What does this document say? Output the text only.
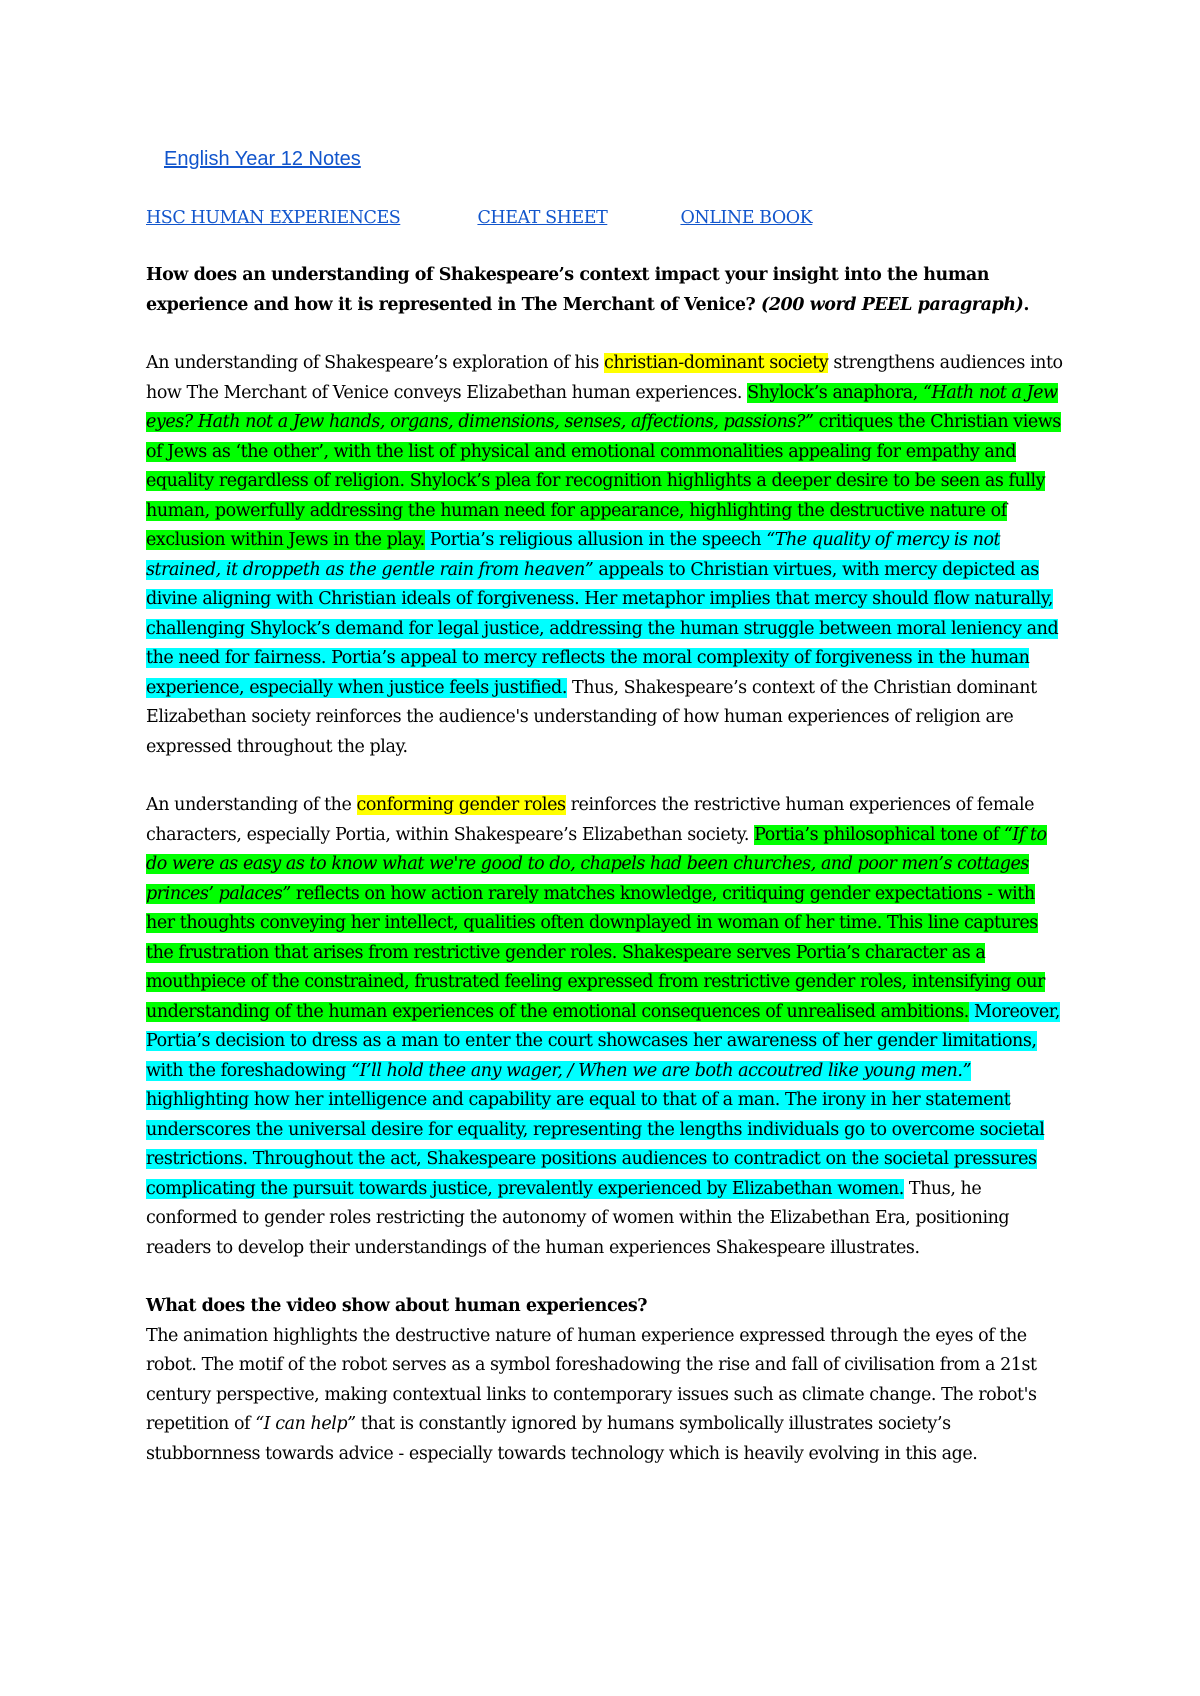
English Year 12 Notes
HSC HUMAN EXPERIENCES	CHEAT SHEET	ONLINE BOOK

How does an understanding of Shakespeare’s context impact your insight into the human experience and how it is represented in The Merchant of Venice? (200 word PEEL paragraph).

An understanding of Shakespeare’s exploration of his christian-dominant society strengthens audiences into how The Merchant of Venice conveys Elizabethan human experiences. Shylock’s anaphora, “Hath not a Jew eyes? Hath not a Jew hands, organs, dimensions, senses, affections, passions?” critiques the Christian views of Jews as ‘the other’, with the list of physical and emotional commonalities appealing for empathy and equality regardless of religion. Shylock’s plea for recognition highlights a deeper desire to be seen as fully human, powerfully addressing the human need for appearance, highlighting the destructive nature of exclusion within Jews in the play. Portia’s religious allusion in the speech “The quality of mercy is not strained, it droppeth as the gentle rain from heaven” appeals to Christian virtues, with mercy depicted as divine aligning with Christian ideals of forgiveness. Her metaphor implies that mercy should flow naturally, challenging Shylock’s demand for legal justice, addressing the human struggle between moral leniency and the need for fairness. Portia’s appeal to mercy reflects the moral complexity of forgiveness in the human experience, especially when justice feels justified. Thus, Shakespeare’s context of the Christian dominant Elizabethan society reinforces the audience's understanding of how human experiences of religion are expressed throughout the play.

An understanding of the conforming gender roles reinforces the restrictive human experiences of female characters, especially Portia, within Shakespeare’s Elizabethan society. Portia’s philosophical tone of “If to do were as easy as to know what we're good to do, chapels had been churches, and poor men’s cottages princes’ palaces” reflects on how action rarely matches knowledge, critiquing gender expectations - with her thoughts conveying her intellect, qualities often downplayed in woman of her time. This line captures the frustration that arises from restrictive gender roles. Shakespeare serves Portia’s character as a mouthpiece of the constrained, frustrated feeling expressed from restrictive gender roles, intensifying our understanding of the human experiences of the emotional consequences of unrealised ambitions. Moreover, Portia’s decision to dress as a man to enter the court showcases her awareness of her gender limitations, with the foreshadowing “I’ll hold thee any wager, / When we are both accoutred like young men.” highlighting how her intelligence and capability are equal to that of a man. The irony in her statement underscores the universal desire for equality, representing the lengths individuals go to overcome societal restrictions. Throughout the act, Shakespeare positions audiences to contradict on the societal pressures complicating the pursuit towards justice, prevalently experienced by Elizabethan women. Thus, he conformed to gender roles restricting the autonomy of women within the Elizabethan Era, positioning readers to develop their understandings of the human experiences Shakespeare illustrates.

What does the video show about human experiences?

The animation highlights the destructive nature of human experience expressed through the eyes of the robot. The motif of the robot serves as a symbol foreshadowing the rise and fall of civilisation from a 21st century perspective, making contextual links to contemporary issues such as climate change. The robot's repetition of “I can help” that is constantly ignored by humans symbolically illustrates society’s stubbornness towards advice - especially towards technology which is heavily evolving in this age.
